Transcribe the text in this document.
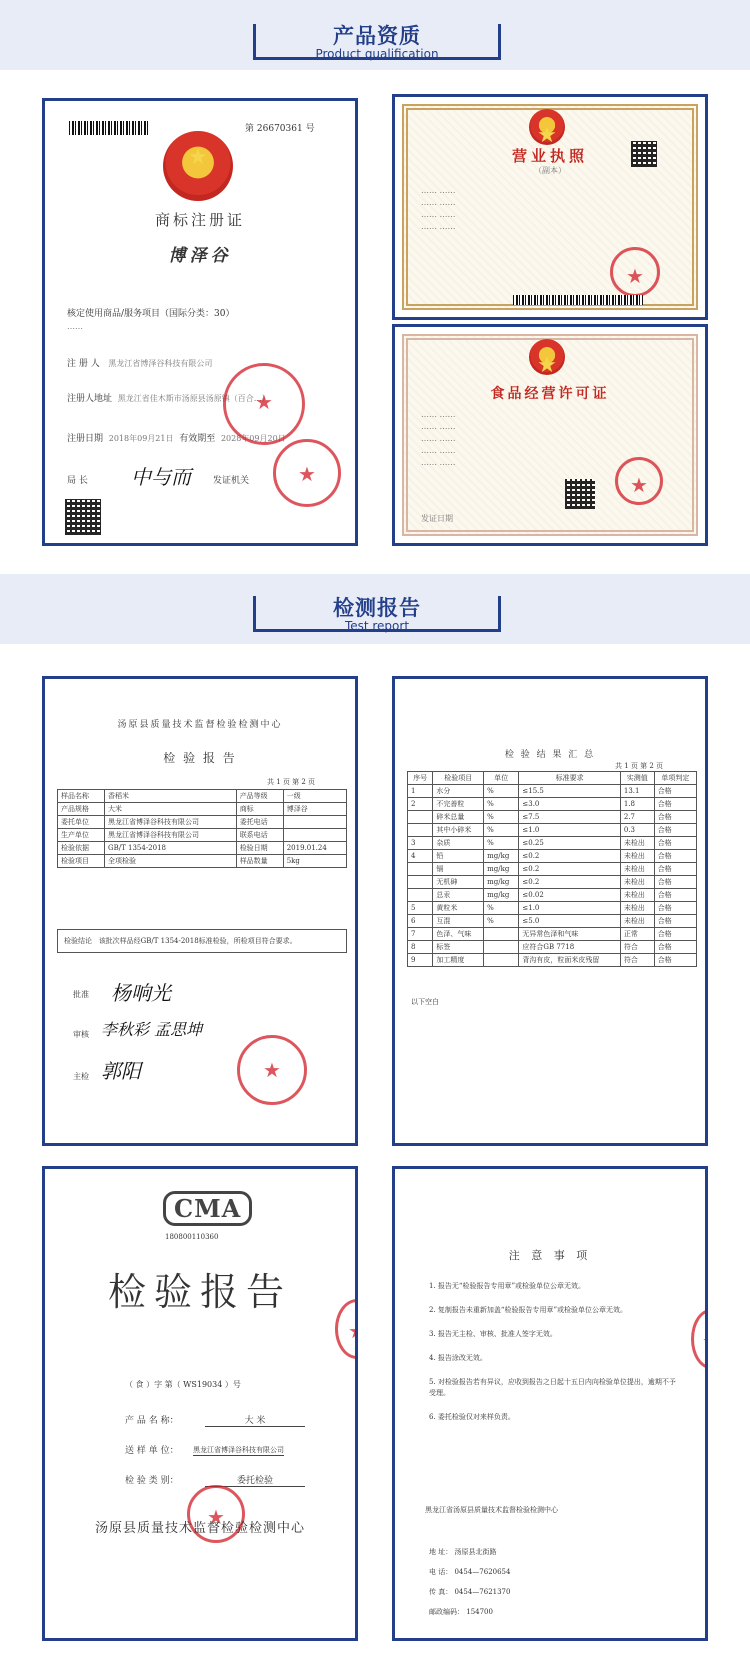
产品资质
Product qualification
第 26670361 号
★
商标注册证
博泽谷
核定使用商品/服务项目（国际分类：30）
……
注 册 人 黑龙江省博泽谷科技有限公司
注册人地址 黑龙江省佳木斯市汤原县汤原镇（百合…）
注册日期 2018年09月21日 有效期至 2028年09月20日
★
★
局 长 中与而 发证机关
★
营业执照
（副本）
…… ……
…… ……
…… ……
…… ……
★
★
食品经营许可证
…… ……
…… ……
…… ……
…… ……
…… ……
★
发证日期
检测报告
Test report
汤原县质量技术监督检验检测中心
检 验 报 告
共 1 页 第 2 页
样品名称	香稻米	产品等级	一级
产品规格	大米	商标	博泽谷
委托单位	黑龙江省博泽谷科技有限公司	委托电话	
生产单位	黑龙江省博泽谷科技有限公司	联系电话	
检验依据	GB/T 1354-2018	检验日期	2019.01.24
检验项目	全项检验	样品数量	5kg
检验结论 该批次样品经GB/T 1354-2018标准检验，所检项目符合要求。
批准 杨响光
审核 李秋彩 孟思坤
主检 郭阳
★
检 验 结 果 汇 总
共 1 页 第 2 页
序号	检验项目	单位	标准要求	实测值	单项判定
1	水分	%	≤15.5	13.1	合格
2	不完善粒	%	≤3.0	1.8	合格
	碎米总量	%	≤7.5	2.7	合格
	其中小碎米	%	≤1.0	0.3	合格
3	杂质	%	≤0.25	未检出	合格
4	铅	mg/kg	≤0.2	未检出	合格
	镉	mg/kg	≤0.2	未检出	合格
	无机砷	mg/kg	≤0.2	未检出	合格
	总汞	mg/kg	≤0.02	未检出	合格
5	黄粒米	%	≤1.0	未检出	合格
6	互混	%	≤5.0	未检出	合格
7	色泽、气味		无异常色泽和气味	正常	合格
8	标签		应符合GB 7718	符合	合格
9	加工精度		背沟有皮，粒面米皮残留	符合	合格
以下空白
CMA
180800110360
检验报告
（ 食 ）字 第（ WS19034 ）号
产 品 名 称：	大 米
送 样 单 位： 黑龙江省博泽谷科技有限公司
检 验 类 别：	委托检验
★
汤原县质量技术监督检验检测中心
★
注 意 事 项
1. 报告无“检验报告专用章”或检验单位公章无效。
2. 复制报告未重新加盖“检验报告专用章”或检验单位公章无效。
3. 报告无主检、审核、批准人签字无效。
4. 报告涂改无效。
5. 对检验报告若有异议，应收到报告之日起十五日内向检验单位提出，逾期不予受理。
6. 委托检验仅对来样负责。
黑龙江省汤原县质量技术监督检验检测中心
地 址： 汤原县北街路
电 话： 0454—7620654
传 真： 0454—7621370
邮政编码： 154700
★
